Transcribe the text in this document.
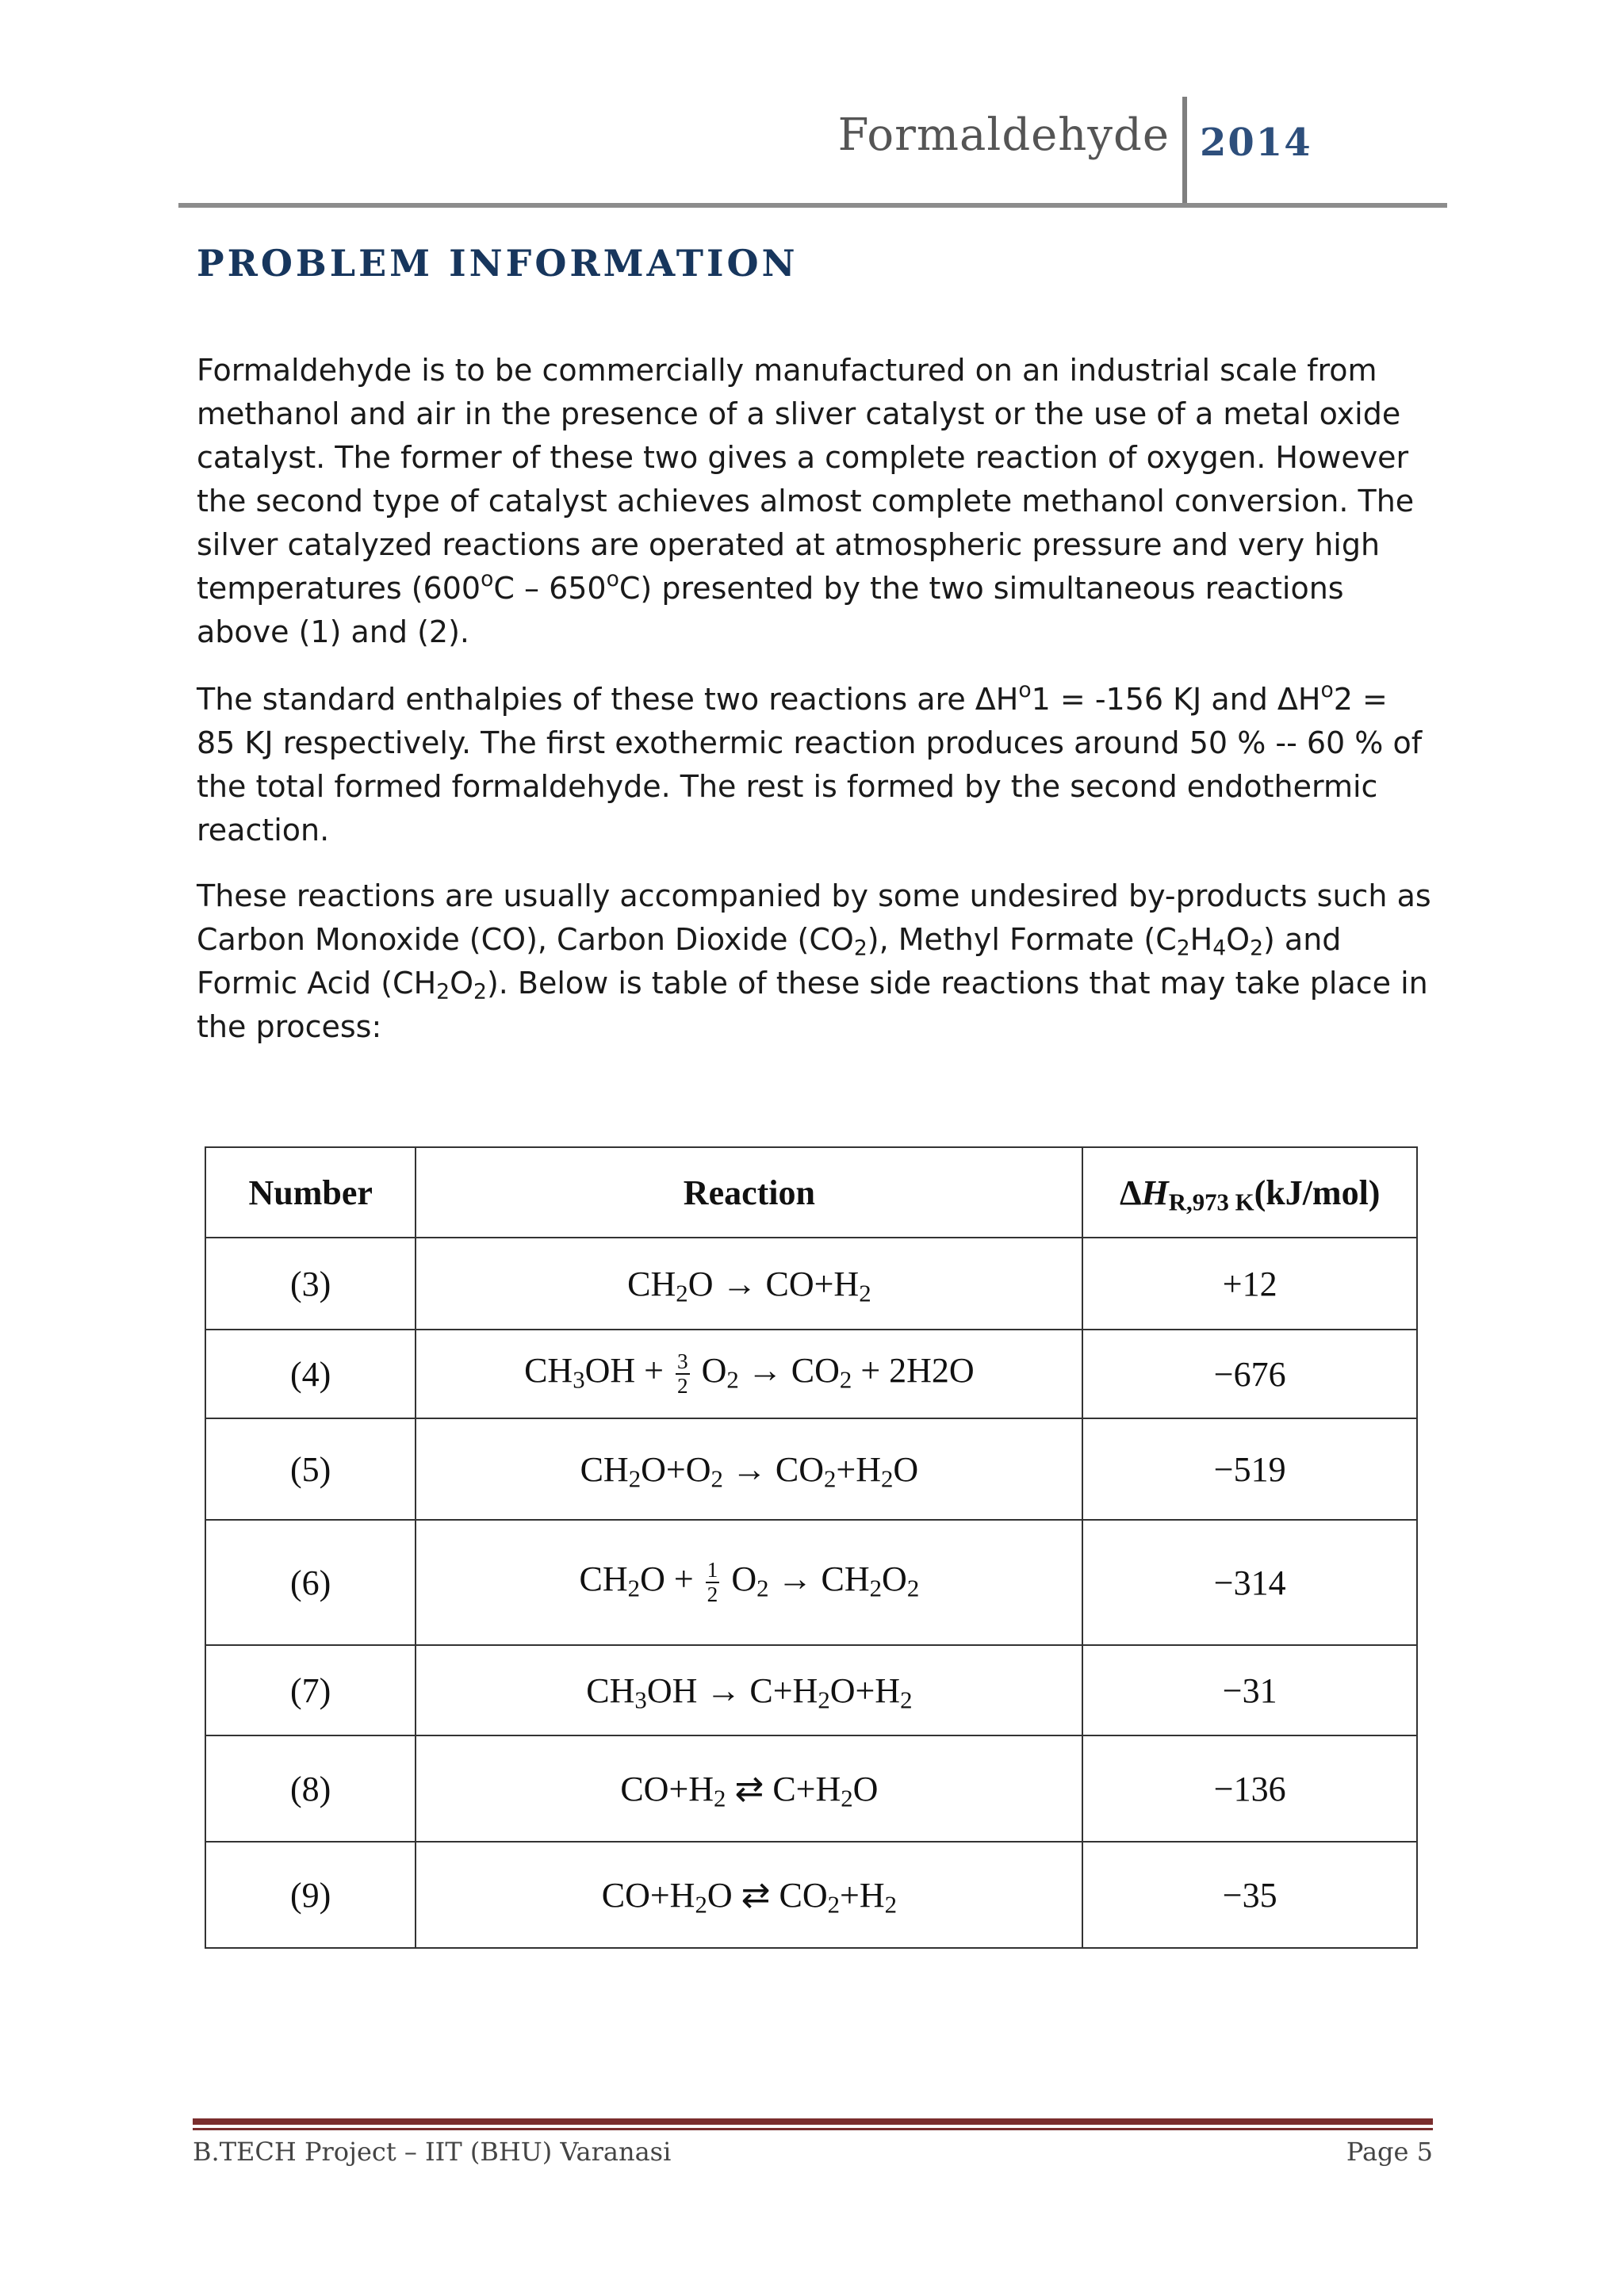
Formaldehyde 2014
PROBLEM INFORMATION

Formaldehyde is to be commercially manufactured on an industrial scale from methanol and air in the presence of a sliver catalyst or the use of a metal oxide catalyst. The former of these two gives a complete reaction of oxygen. However the second type of catalyst achieves almost complete methanol conversion. The silver catalyzed reactions are operated at atmospheric pressure and very high temperatures (600$^o$C – 650$^o$C) presented by the two simultaneous reactions above (1) and (2).

The standard enthalpies of these two reactions are $\Delta H^o1 = -156$ KJ and $\Delta H^o2 = 85$ KJ respectively. The first exothermic reaction produces around 50 % -- 60 % of the total formed formaldehyde. The rest is formed by the second endothermic reaction.

These reactions are usually accompanied by some undesired by-products such as Carbon Monoxide (CO), Carbon Dioxide $(CO_2)$, Methyl Formate $(C_2H_4O_2)$ and Formic Acid $(CH_2O_2)$. Below is table of these side reactions that may take place in the process:

Number	Reaction	$\Delta H_{R,973 K}(kJ/mol)$
(3)	$CH_2O \to CO+H_2$	+12
(4)	$CH_3OH + \frac{3}{2} O_2 \to CO_2 + 2H2O$	−676
(5)	$CH_2O+O_2 \to CO_2+H_2O$	−519
(6)	$CH_2O + \frac{1}{2} O_2 \to CH_2O_2$	−314
(7)	$CH_3OH \to C+H_2O+H_2$	−31
(8)	$CO+H_2$ ⇄ $C+H_2O$	−136
(9)	$CO+H_2O$ ⇄ $CO_2+H_2$	−35
B.TECH Project – IIT (BHU) Varanasi	Page 5
